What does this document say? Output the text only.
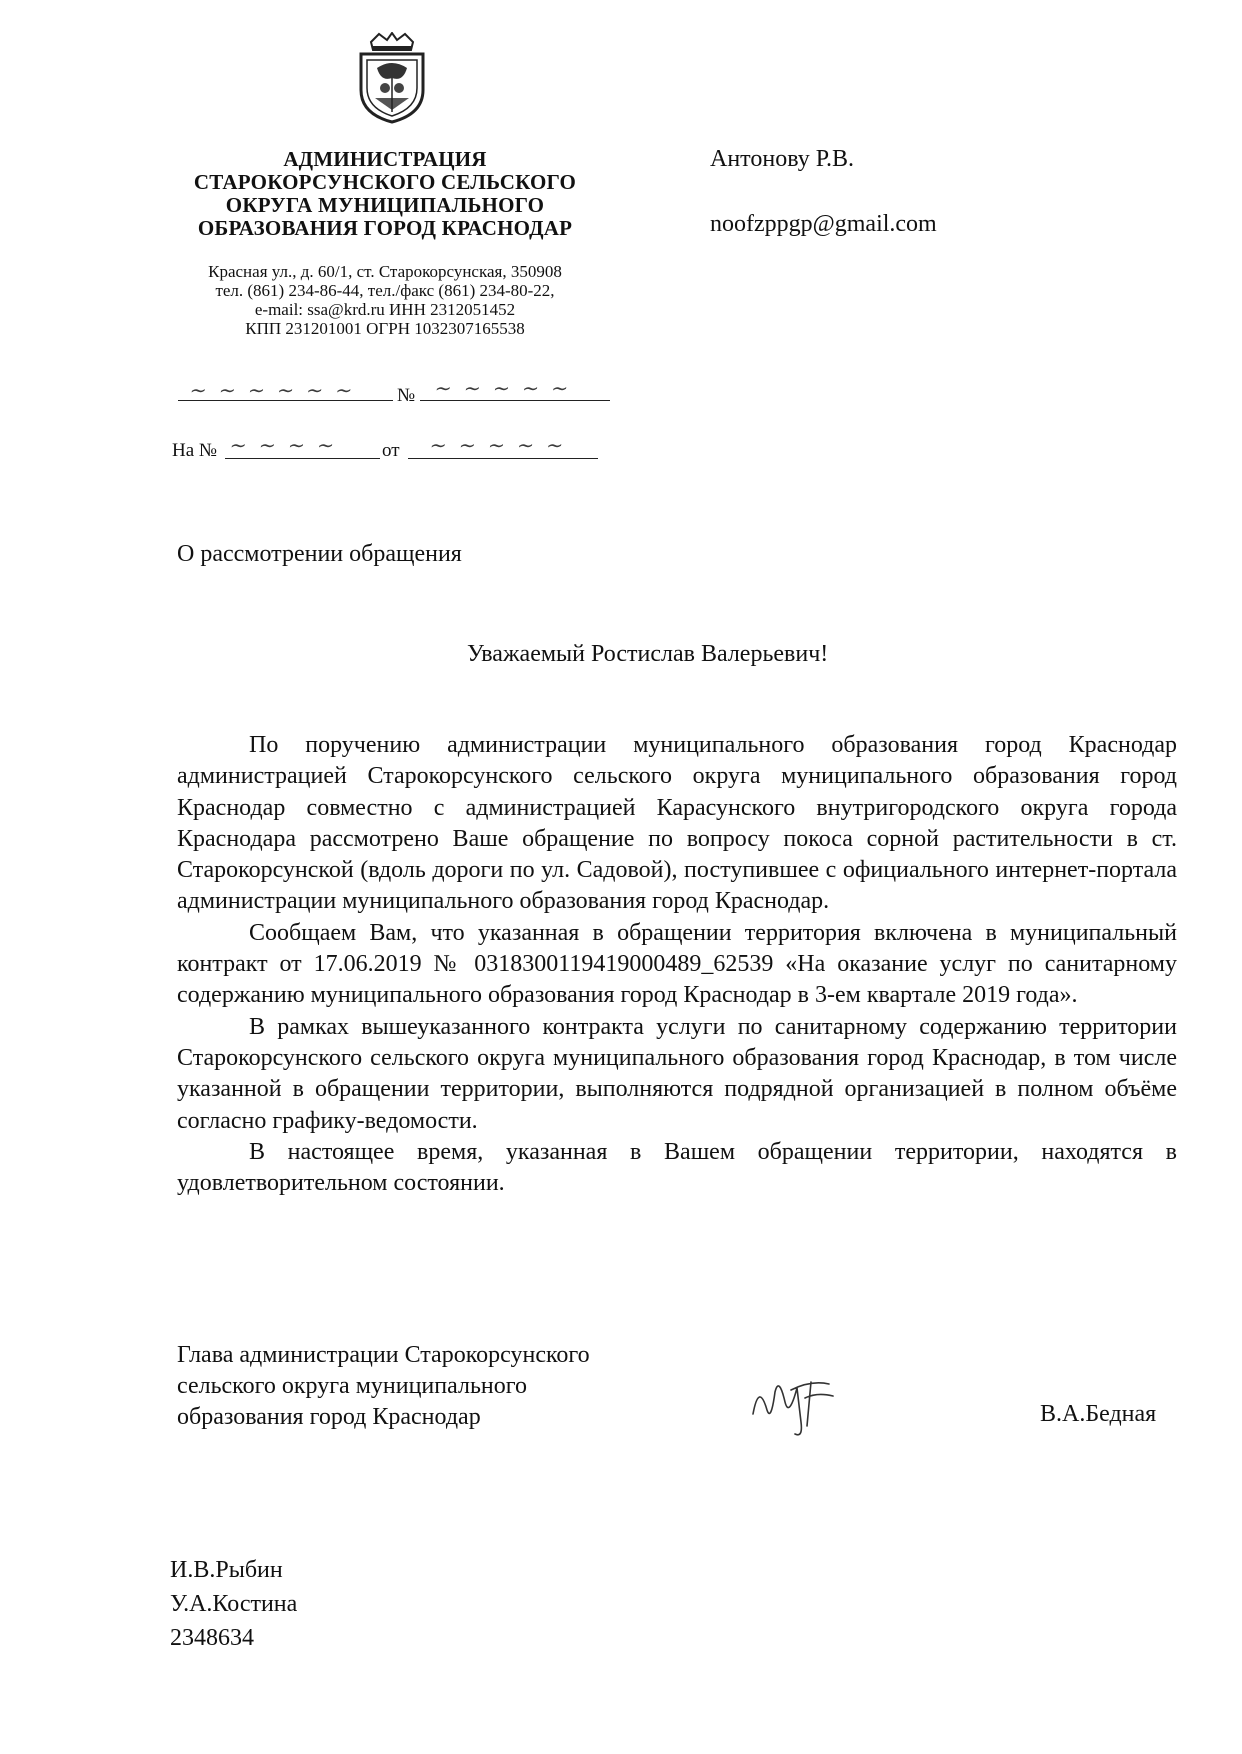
АДМИНИСТРАЦИЯ
СТАРОКОРСУНСКОГО СЕЛЬСКОГО
ОКРУГА МУНИЦИПАЛЬНОГО
ОБРАЗОВАНИЯ ГОРОД КРАСНОДАР
Красная ул., д. 60/1, ст. Старокорсунская, 350908
тел. (861) 234-86-44, тел./факс (861) 234-80-22,
e-mail: ssa@krd.ru ИНН 2312051452
КПП 231201001 ОГРН 1032307165538
Антонову Р.В.
noofzppgp@gmail.com
~ ~ ~ ~ ~ ~ № ~ ~ ~ ~ ~
На № ~ ~ ~ ~ от ~ ~ ~ ~ ~
О рассмотрении обращения
Уважаемый Ростислав Валерьевич!

По поручению администрации муниципального образования город Краснодар администрацией Старокорсунского сельского округа муниципального образования город Краснодар совместно с администрацией Карасунского внутригородского округа города Краснодара рассмотрено Ваше обращение по вопросу покоса сорной растительности в ст. Старокорсунской (вдоль дороги по ул. Садовой), поступившее с официального интернет-портала администрации муниципального образования город Краснодар.

Сообщаем Вам, что указанная в обращении территория включена в муниципальный контракт от 17.06.2019 № 0318300119419000489_62539 «На оказание услуг по санитарному содержанию муниципального образования город Краснодар в 3-ем квартале 2019 года».

В рамках вышеуказанного контракта услуги по санитарному содержанию территории Старокорсунского сельского округа муниципального образования город Краснодар, в том числе указанной в обращении территории, выполняются подрядной организацией в полном объёме согласно графику-ведомости.

В настоящее время, указанная в Вашем обращении территории, находятся в удовлетворительном состоянии.

Глава администрации Старокорсунского
сельского округа муниципального
образования город Краснодар	В.А.Бедная
И.В.Рыбин
У.А.Костина
2348634
